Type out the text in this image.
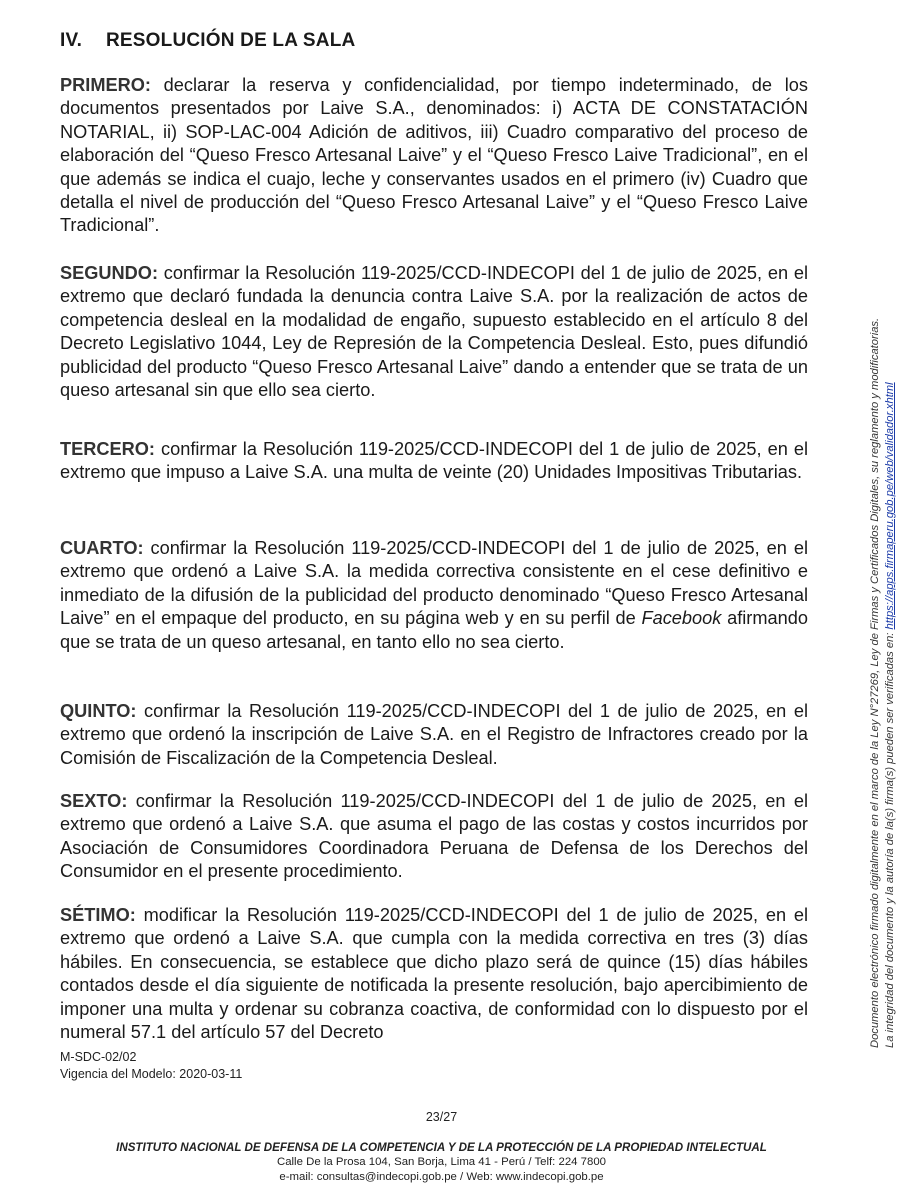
IV. RESOLUCIÓN DE LA SALA

PRIMERO: declarar la reserva y confidencialidad, por tiempo indeterminado, de los documentos presentados por Laive S.A., denominados: i) ACTA DE CONSTATACIÓN NOTARIAL, ii) SOP-LAC-004 Adición de aditivos, iii) Cuadro comparativo del proceso de elaboración del “Queso Fresco Artesanal Laive” y el “Queso Fresco Laive Tradicional”, en el que además se indica el cuajo, leche y conservantes usados en el primero (iv) Cuadro que detalla el nivel de producción del “Queso Fresco Artesanal Laive” y el “Queso Fresco Laive Tradicional”.

SEGUNDO: confirmar la Resolución 119-2025/CCD-INDECOPI del 1 de julio de 2025, en el extremo que declaró fundada la denuncia contra Laive S.A. por la realización de actos de competencia desleal en la modalidad de engaño, supuesto establecido en el artículo 8 del Decreto Legislativo 1044, Ley de Represión de la Competencia Desleal. Esto, pues difundió publicidad del producto “Queso Fresco Artesanal Laive” dando a entender que se trata de un queso artesanal sin que ello sea cierto.

TERCERO: confirmar la Resolución 119-2025/CCD-INDECOPI del 1 de julio de 2025, en el extremo que impuso a Laive S.A. una multa de veinte (20) Unidades Impositivas Tributarias.

CUARTO: confirmar la Resolución 119-2025/CCD-INDECOPI del 1 de julio de 2025, en el extremo que ordenó a Laive S.A. la medida correctiva consistente en el cese definitivo e inmediato de la difusión de la publicidad del producto denominado “Queso Fresco Artesanal Laive” en el empaque del producto, en su página web y en su perfil de Facebook afirmando que se trata de un queso artesanal, en tanto ello no sea cierto.

QUINTO: confirmar la Resolución 119-2025/CCD-INDECOPI del 1 de julio de 2025, en el extremo que ordenó la inscripción de Laive S.A. en el Registro de Infractores creado por la Comisión de Fiscalización de la Competencia Desleal.

SEXTO: confirmar la Resolución 119-2025/CCD-INDECOPI del 1 de julio de 2025, en el extremo que ordenó a Laive S.A. que asuma el pago de las costas y costos incurridos por Asociación de Consumidores Coordinadora Peruana de Defensa de los Derechos del Consumidor en el presente procedimiento.

SÉTIMO: modificar la Resolución 119-2025/CCD-INDECOPI del 1 de julio de 2025, en el extremo que ordenó a Laive S.A. que cumpla con la medida correctiva en tres (3) días hábiles. En consecuencia, se establece que dicho plazo será de quince (15) días hábiles contados desde el día siguiente de notificada la presente resolución, bajo apercibimiento de imponer una multa y ordenar su cobranza coactiva, de conformidad con lo dispuesto por el numeral 57.1 del artículo 57 del Decreto

M-SDC-02/02
Vigencia del Modelo: 2020-03-11
23/27
INSTITUTO NACIONAL DE DEFENSA DE LA COMPETENCIA Y DE LA PROTECCIÓN DE LA PROPIEDAD INTELECTUAL
Calle De la Prosa 104, San Borja, Lima 41 - Perú / Telf: 224 7800
e-mail: consultas@indecopi.gob.pe / Web: www.indecopi.gob.pe
Documento electrónico firmado digitalmente en el marco de la Ley N°27269, Ley de Firmas y Certificados Digitales, su reglamento y modificatorias. La integridad del documento y la autoría de la(s) firma(s) pueden ser verificadas en: https://apps.firmaperu.gob.pe/web/validador.xhtml
